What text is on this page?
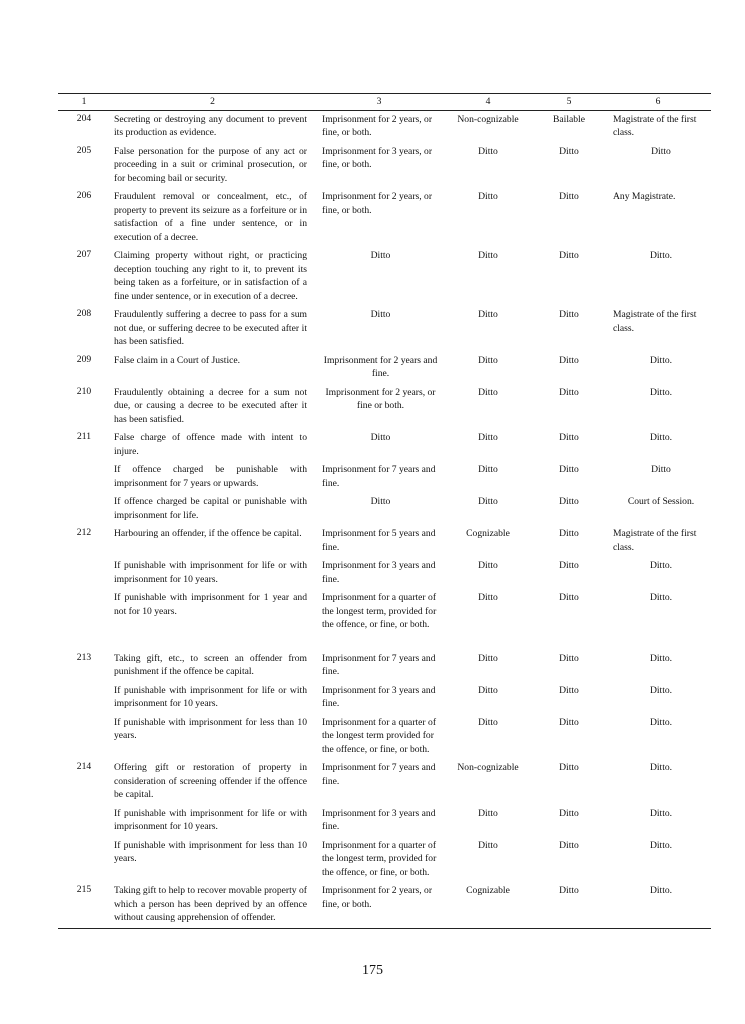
1	2	3	4	5	6
204	Secreting or destroying any document to prevent its production as evidence.	Imprisonment for 2 years, or fine, or both.	Non-cognizable	Bailable	Magistrate of the first class.
205	False personation for the purpose of any act or proceeding in a suit or criminal prosecution, or for becoming bail or security.	Imprisonment for 3 years, or fine, or both.	Ditto	Ditto	Ditto
206	Fraudulent removal or concealment, etc., of property to prevent its seizure as a forfeiture or in satisfaction of a fine under sentence, or in execution of a decree.	Imprisonment for 2 years, or fine, or both.	Ditto	Ditto	Any Magistrate.
207	Claiming property without right, or practicing deception touching any right to it, to prevent its being taken as a forfeiture, or in satisfaction of a fine under sentence, or in execution of a decree.	Ditto	Ditto	Ditto	Ditto.
208	Fraudulently suffering a decree to pass for a sum not due, or suffering decree to be executed after it has been satisfied.	Ditto	Ditto	Ditto	Magistrate of the first class.
209	False claim in a Court of Justice.	Imprisonment for 2 years and fine.	Ditto	Ditto	Ditto.
210	Fraudulently obtaining a decree for a sum not due, or causing a decree to be executed after it has been satisfied.	Imprisonment for 2 years, or fine or both.	Ditto	Ditto	Ditto.
211	False charge of offence made with intent to injure.	Ditto	Ditto	Ditto	Ditto.
	If offence charged be punishable with imprisonment for 7 years or upwards.	Imprisonment for 7 years and fine.	Ditto	Ditto	Ditto
	If offence charged be capital or punishable with imprisonment for life.	Ditto	Ditto	Ditto	Court of Session.
212	Harbouring an offender, if the offence be capital.	Imprisonment for 5 years and fine.	Cognizable	Ditto	Magistrate of the first class.
	If punishable with imprisonment for life or with imprisonment for 10 years.	Imprisonment for 3 years and fine.	Ditto	Ditto	Ditto.
	If punishable with imprisonment for 1 year and not for 10 years.	Imprisonment for a quarter of the longest term, provided for the offence, or fine, or both.	Ditto	Ditto	Ditto.
213	Taking gift, etc., to screen an offender from punishment if the offence be capital.	Imprisonment for 7 years and fine.	Ditto	Ditto	Ditto.
	If punishable with imprisonment for life or with imprisonment for 10 years.	Imprisonment for 3 years and fine.	Ditto	Ditto	Ditto.
	If punishable with imprisonment for less than 10 years.	Imprisonment for a quarter of the longest term provided for the offence, or fine, or both.	Ditto	Ditto	Ditto.
214	Offering gift or restoration of property in consideration of screening offender if the offence be capital.	Imprisonment for 7 years and fine.	Non-cognizable	Ditto	Ditto.
	If punishable with imprisonment for life or with imprisonment for 10 years.	Imprisonment for 3 years and fine.	Ditto	Ditto	Ditto.
	If punishable with imprisonment for less than 10 years.	Imprisonment for a quarter of the longest term, provided for the offence, or fine, or both.	Ditto	Ditto	Ditto.
215	Taking gift to help to recover movable property of which a person has been deprived by an offence without causing apprehension of offender.	Imprisonment for 2 years, or fine, or both.	Cognizable	Ditto	Ditto.
175
